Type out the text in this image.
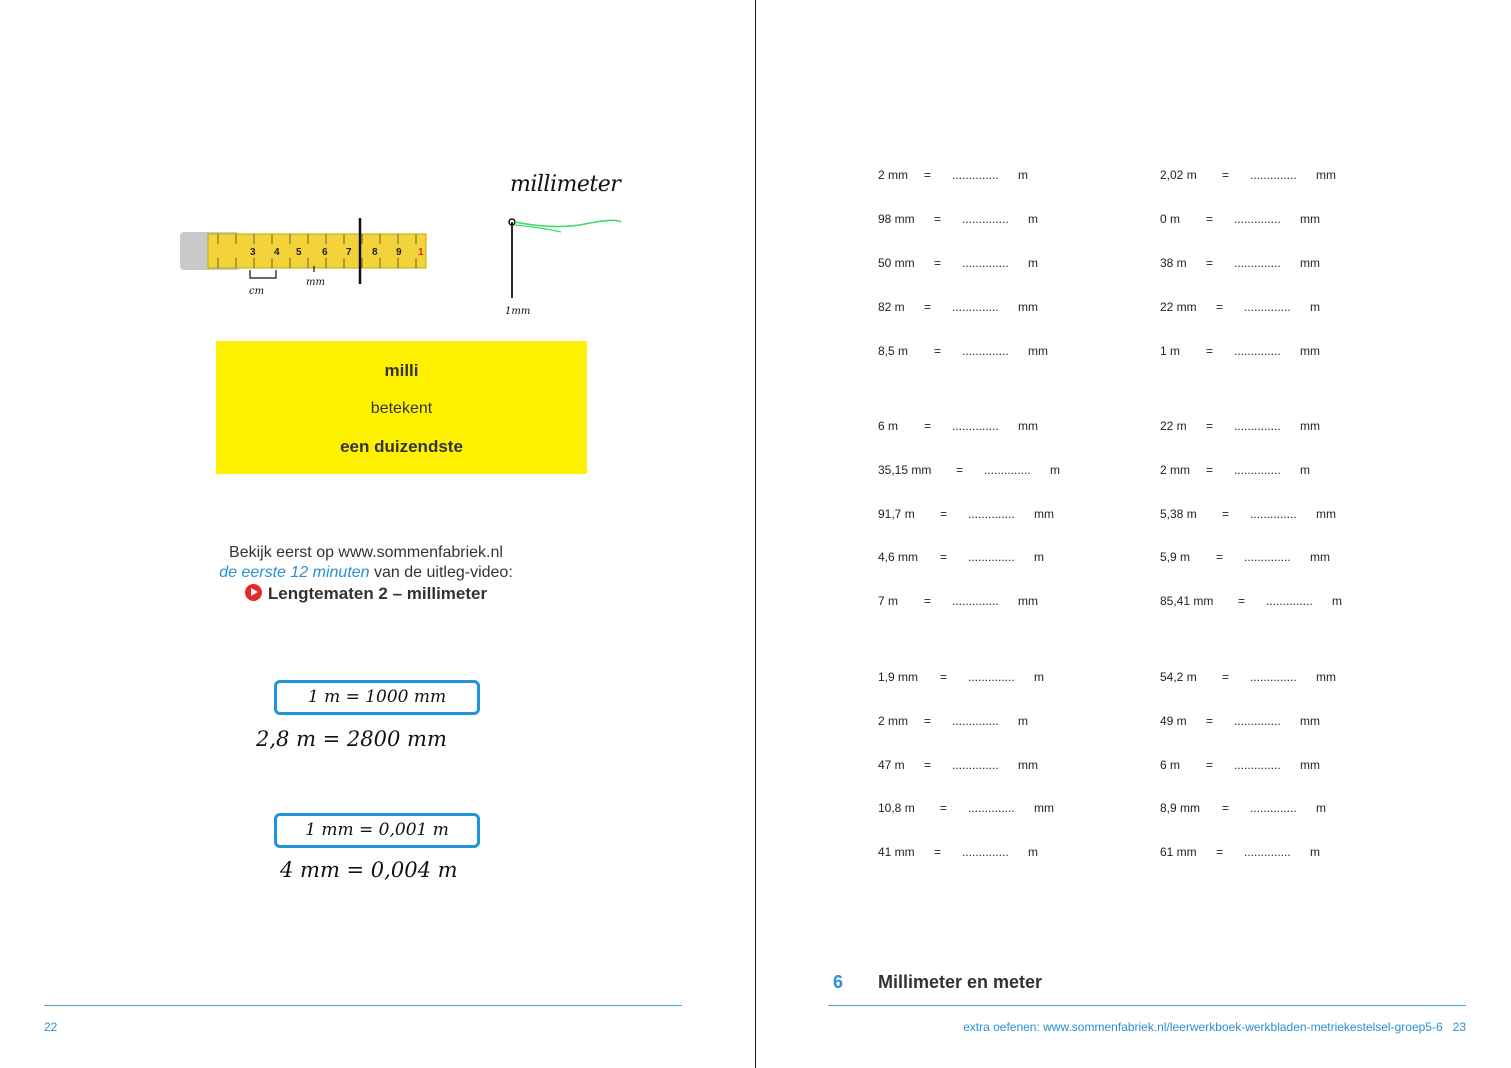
3 4 5 6 7 8 9 1
cm
mm
millimeter
1mm
milli
betekent
een duizendste
Bekijk eerst op www.sommenfabriek.nl
de eerste 12 minuten van de uitleg-video:
Lengtematen 2 – millimeter
1 m = 1000 mm
2,8 m = 2800 mm
1 mm = 0,001 m
4 mm = 0,004 m
22
2 mm = .............. m
98 mm = .............. m
50 mm = .............. m
82 m = .............. mm
8,5 m = .............. mm
6 m = .............. mm
35,15 mm = .............. m
91,7 m = .............. mm
4,6 mm = .............. m
7 m = .............. mm
1,9 mm = .............. m
2 mm = .............. m
47 m = .............. mm
10,8 m = .............. mm
41 mm = .............. m
2,02 m = .............. mm
0 m = .............. mm
38 m = .............. mm
22 mm = .............. m
1 m = .............. mm
22 m = .............. mm
2 mm = .............. m
5,38 m = .............. mm
5,9 m = .............. mm
85,41 mm = .............. m
54,2 m = .............. mm
49 m = .............. mm
6 m = .............. mm
8,9 mm = .............. m
61 mm = .............. m
6 Millimeter en meter
extra oefenen: www.sommenfabriek.nl/leerwerkboek-werkbladen-metriekestelsel-groep5-6 23
